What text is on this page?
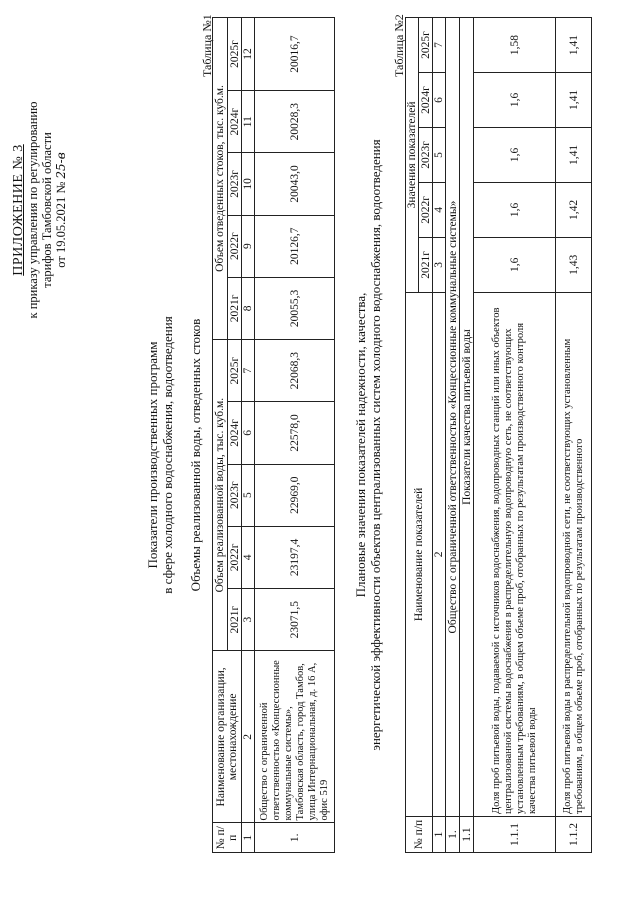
ПРИЛОЖЕНИЕ № 3 к приказу управления по регулированию тарифов Тамбовской области от 19.05.2021 № 25-в
Показатели производственных программ в сфере холодного водоснабжения, водоотведения Объемы реализованной воды, отведенных стоков
Таблица №1
№ п/п	Наименование организации, местонахождение	Объем реализованной воды, тыс. куб.м.					Объем отведенных стоков, тыс. куб.м.				
		2021г	2022г	2023г	2024г	2025г	2021г	2022г	2023г	2024г	2025г
1	2	3	4	5	6	7	8	9	10	11	12
1.	Общество с ограниченной ответственностью «Концессионные коммунальные системы», Тамбовская область, город Тамбов, улица Интернациональная, д. 16 А, офис 519	23071,5	23197,4	22969,0	22578,0	22068,3	20055,3	20126,7	20043,0	20028,3	20016,7
Плановые значения показателей надежности, качества, энергетической эффективности объектов централизованных систем холодного водоснабжения, водоотведения
Таблица №2
№ п/п	Наименование показателей	Значения показателей				
		2021г	2022г	2023г	2024г	2025г
1	2	3	4	5	6	7
1.	Общество с ограниченной ответственностью «Концессионные коммунальные системы»					
1.1	Показатели качества питьевой воды					
1.1.1	Доля проб питьевой воды, подаваемой с источников водоснабжения, водопроводных станций или иных объектов централизованной системы водоснабжения в распределительную водопроводную сеть, не соответствующих установленным требованиям, в общем объеме проб, отобранных по результатам производственного контроля качества питьевой воды	1,6	1,6	1,6	1,6	1,58
1.1.2	Доля проб питьевой воды в распределительной водопроводной сети, не соответствующих установленным требованиям, в общем объеме проб, отобранных по результатам производственного	1,43	1,42	1,41	1,41	1,41
